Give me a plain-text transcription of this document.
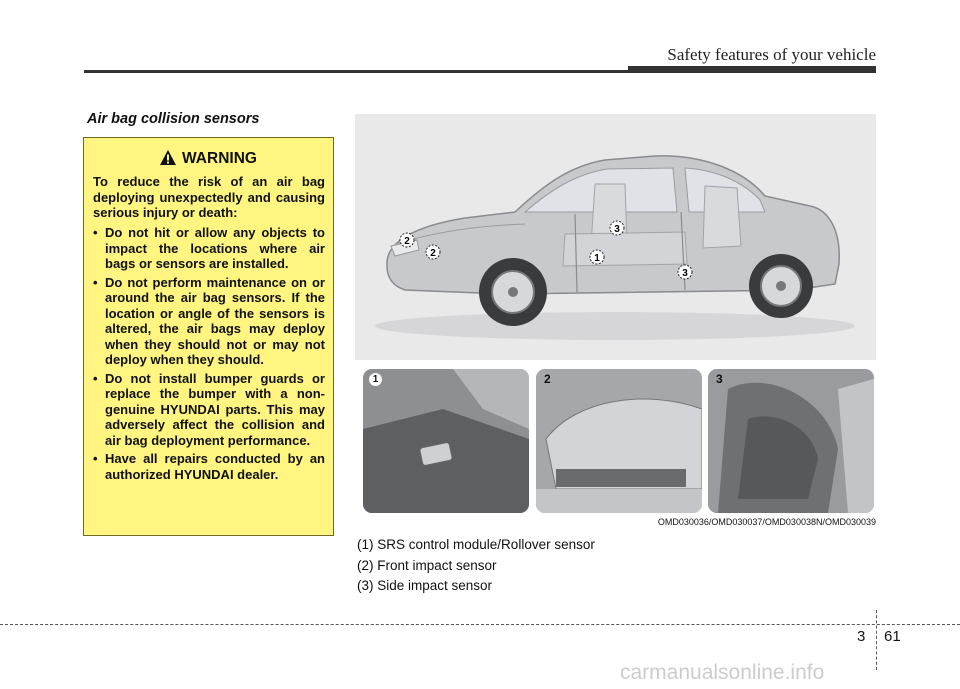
Safety features of your vehicle
Air bag collision sensors
WARNING
To reduce the risk of an air bag deploying unexpectedly and causing serious injury or death:
• Do not hit or allow any objects to impact the locations where air bags or sensors are installed.
• Do not perform maintenance on or around the air bag sensors. If the location or angle of the sensors is altered, the air bags may deploy when they should not or may not deploy when they should.
• Do not install bumper guards or replace the bumper with a non-genuine HYUNDAI parts. This may adversely affect the collision and air bag deployment performance.
• Have all repairs conducted by an authorized HYUNDAI dealer.
2
2
3
1
3
1	2	3
OMD030036/OMD030037/OMD030038N/OMD030039
(1) SRS control module/Rollover sensor
(2) Front impact sensor
(3) Side impact sensor
3 61
carmanualsonline.info
